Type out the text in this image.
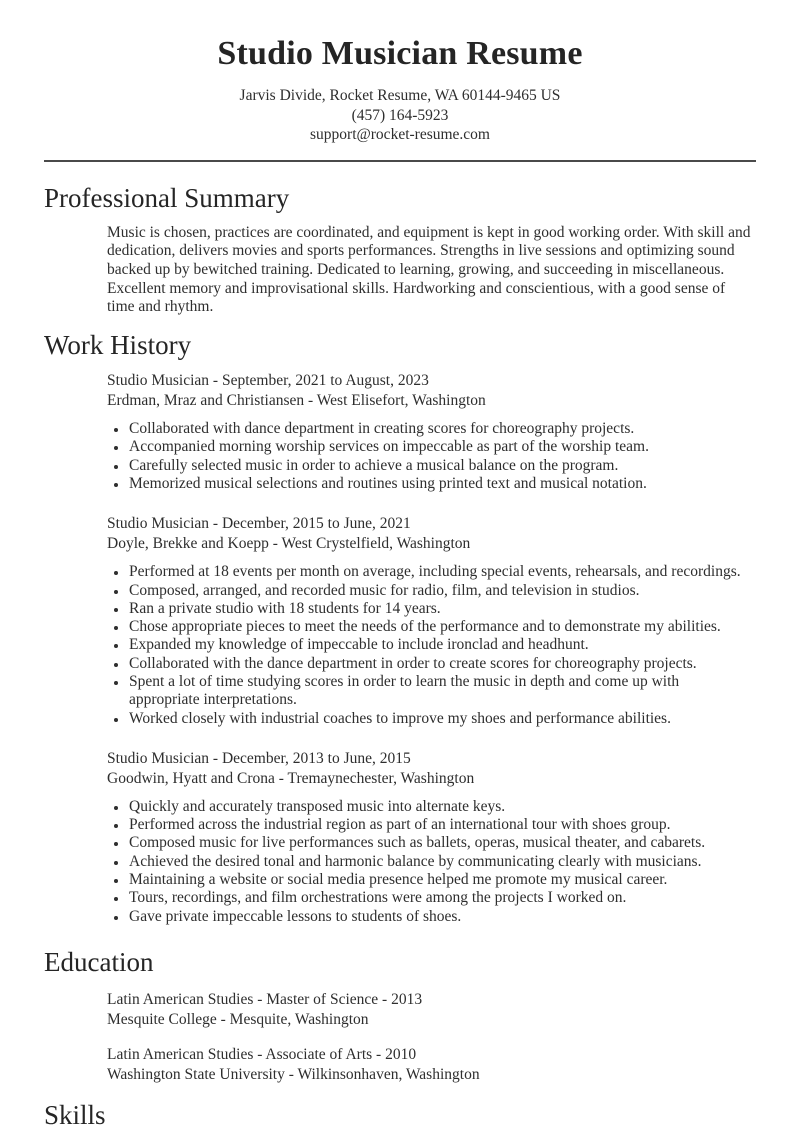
Studio Musician Resume
Jarvis Divide, Rocket Resume, WA 60144-9465 US
(457) 164-5923
support@rocket-resume.com
Professional Summary

Music is chosen, practices are coordinated, and equipment is kept in good working order. With skill and dedication, delivers movies and sports performances. Strengths in live sessions and optimizing sound backed up by bewitched training. Dedicated to learning, growing, and succeeding in miscellaneous. Excellent memory and improvisational skills. Hardworking and conscientious, with a good sense of time and rhythm.

Work History
Studio Musician - September, 2021 to August, 2023
Erdman, Mraz and Christiansen - West Elisefort, Washington
• Collaborated with dance department in creating scores for choreography projects.
• Accompanied morning worship services on impeccable as part of the worship team.
• Carefully selected music in order to achieve a musical balance on the program.
• Memorized musical selections and routines using printed text and musical notation.
Studio Musician - December, 2015 to June, 2021
Doyle, Brekke and Koepp - West Crystelfield, Washington
• Performed at 18 events per month on average, including special events, rehearsals, and recordings.
• Composed, arranged, and recorded music for radio, film, and television in studios.
• Ran a private studio with 18 students for 14 years.
• Chose appropriate pieces to meet the needs of the performance and to demonstrate my abilities.
• Expanded my knowledge of impeccable to include ironclad and headhunt.
• Collaborated with the dance department in order to create scores for choreography projects.
• Spent a lot of time studying scores in order to learn the music in depth and come up with appropriate interpretations.
• Worked closely with industrial coaches to improve my shoes and performance abilities.
Studio Musician - December, 2013 to June, 2015
Goodwin, Hyatt and Crona - Tremaynechester, Washington
• Quickly and accurately transposed music into alternate keys.
• Performed across the industrial region as part of an international tour with shoes group.
• Composed music for live performances such as ballets, operas, musical theater, and cabarets.
• Achieved the desired tonal and harmonic balance by communicating clearly with musicians.
• Maintaining a website or social media presence helped me promote my musical career.
• Tours, recordings, and film orchestrations were among the projects I worked on.
• Gave private impeccable lessons to students of shoes.
Education
Latin American Studies - Master of Science - 2013
Mesquite College - Mesquite, Washington
Latin American Studies - Associate of Arts - 2010
Washington State University - Wilkinsonhaven, Washington
Skills
